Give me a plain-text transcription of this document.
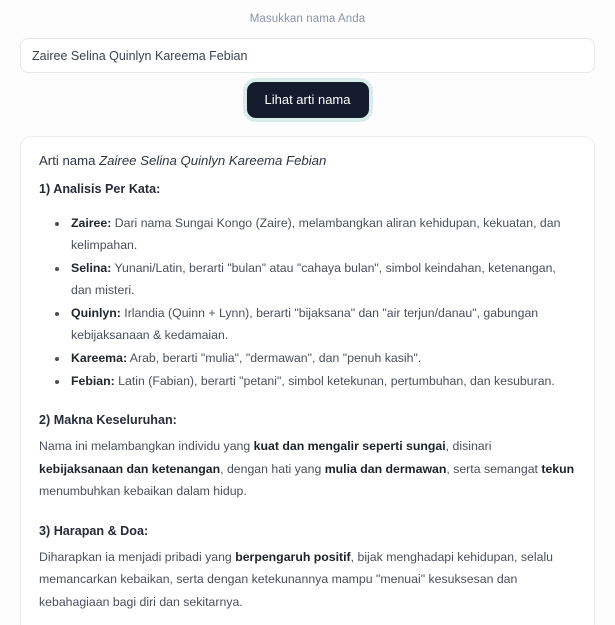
Masukkan nama Anda
Zairee Selina Quinlyn Kareema Febian
Lihat arti nama
Arti nama Zairee Selina Quinlyn Kareema Febian
1) Analisis Per Kata:
• Zairee: Dari nama Sungai Kongo (Zaire), melambangkan aliran kehidupan, kekuatan, dan kelimpahan.
• Selina: Yunani/Latin, berarti "bulan" atau "cahaya bulan", simbol keindahan, ketenangan, dan misteri.
• Quinlyn: Irlandia (Quinn + Lynn), berarti "bijaksana" dan "air terjun/danau", gabungan kebijaksanaan & kedamaian.
• Kareema: Arab, berarti "mulia", "dermawan", dan "penuh kasih".
• Febian: Latin (Fabian), berarti "petani", simbol ketekunan, pertumbuhan, dan kesuburan.
2) Makna Keseluruhan:

Nama ini melambangkan individu yang kuat dan mengalir seperti sungai, disinari kebijaksanaan dan ketenangan, dengan hati yang mulia dan dermawan, serta semangat tekun menumbuhkan kebaikan dalam hidup.

3) Harapan & Doa:

Diharapkan ia menjadi pribadi yang berpengaruh positif, bijak menghadapi kehidupan, selalu memancarkan kebaikan, serta dengan ketekunannya mampu "menuai" kesuksesan dan kebahagiaan bagi diri dan sekitarnya.
